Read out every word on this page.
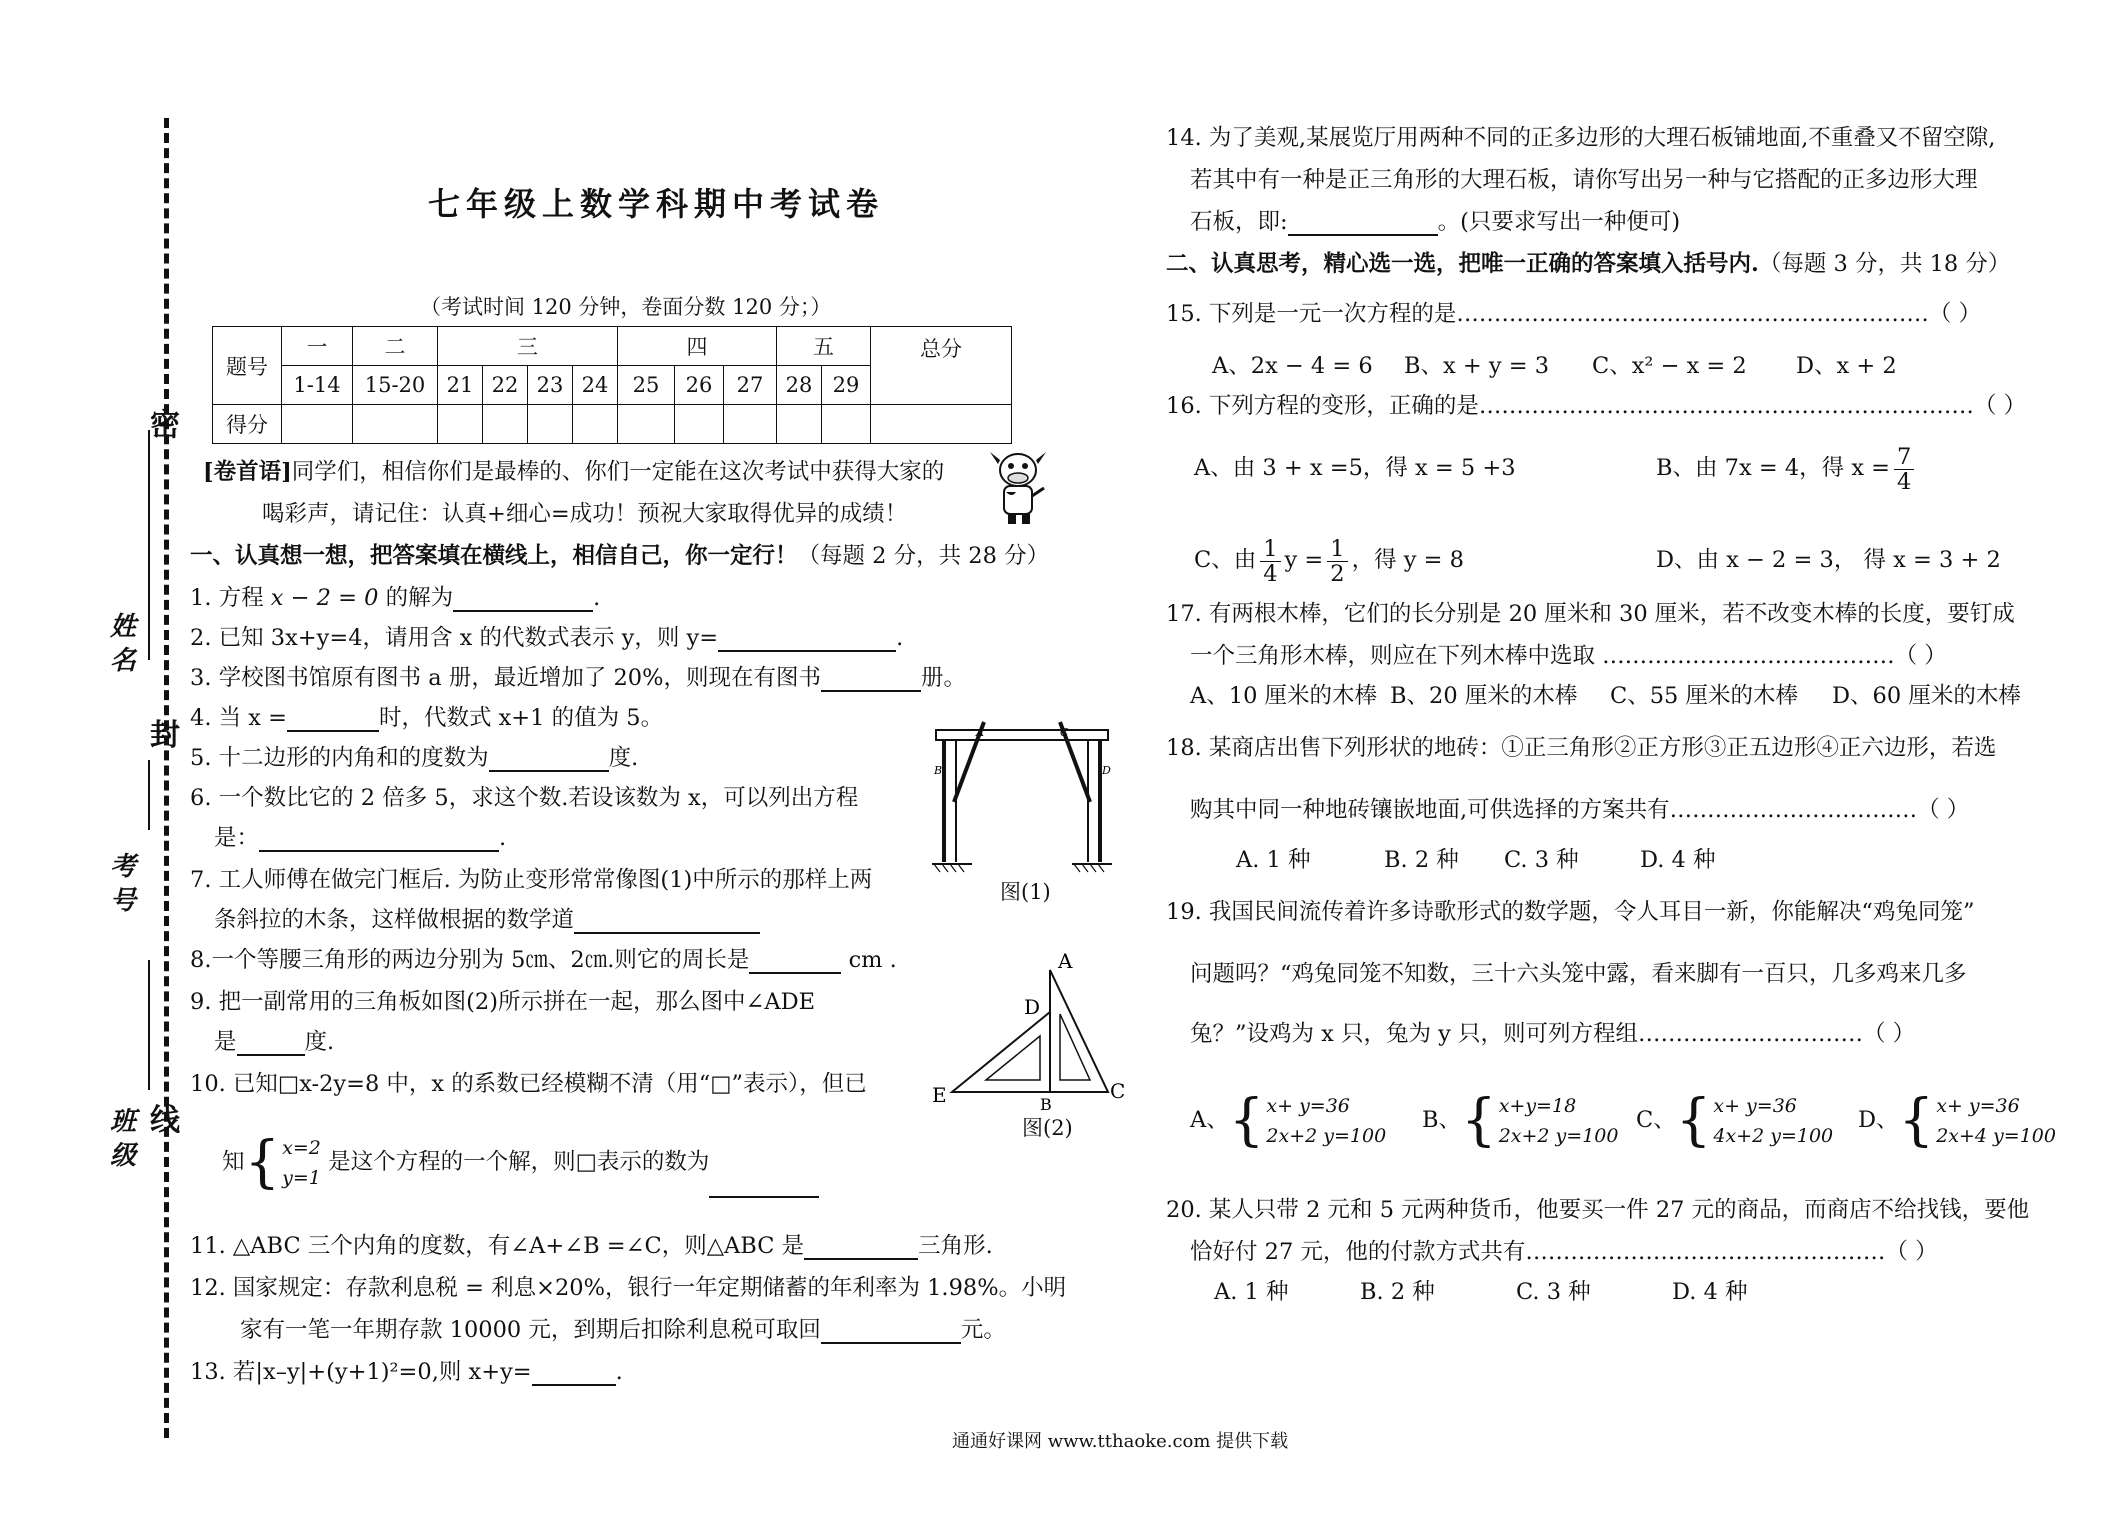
密
封
线
姓名
考号
班级
七年级上数学科期中考试卷
（考试时间 120 分钟，卷面分数 120 分；）
题号	一	二	三				四			五		总分
	1-14	15-20	21	22	23	24	25	26	27	28	29	
得分												
[卷首语]同学们，相信你们是最棒的、你们一定能在这次考试中获得大家的
喝彩声，请记住：认真+细心=成功！预祝大家取得优异的成绩！
一、认真想一想，把答案填在横线上，相信自己，你一定行！（每题 2 分，共 28 分）
1. 方程 x − 2 = 0 的解为	.
2. 已知 3x+y=4，请用含 x 的代数式表示 y，则 y=	.
3. 学校图书馆原有图书 a 册，最近增加了 20%，则现在有图书	册。
4. 当 x =	时，代数式 x+1 的值为 5。
5. 十二边形的内角和的度数为	度.
6. 一个数比它的 2 倍多 5，求这个数.若设该数为 x，可以列出方程
是：	.
7. 工人师傅在做完门框后. 为防止变形常常像图(1)中所示的那样上两
条斜拉的木条，这样做根据的数学道
8.一个等腰三角形的两边分别为 5㎝、2㎝.则它的周长是	cm .
9. 把一副常用的三角板如图(2)所示拼在一起，那么图中∠ADE
是	度.
10. 已知□x-2y=8 中，x 的系数已经模糊不清（用“□”表示），但已
知{ x=2
y=1 是这个方程的一个解，则□表示的数为
11. △ABC 三个内角的度数，有∠A+∠B =∠C，则△ABC 是	三角形.
12. 国家规定：存款利息税 = 利息×20%，银行一年定期储蓄的年利率为 1.98%。小明
家有一笔一年期存款 10000 元，到期后扣除利息税可取回	元。
13. 若|x–y|+(y+1)²=0,则 x+y=	.
A	C
B	D
图(1)
A
D
E	B
C
图(2)
14. 为了美观,某展览厅用两种不同的正多边形的大理石板铺地面,不重叠又不留空隙,
若其中有一种是正三角形的大理石板，请你写出另一种与它搭配的正多边形大理
石板，即:	。(只要求写出一种便可)
二、认真思考，精心选一选，把唯一正确的答案填入括号内.（每题 3 分，共 18 分）
15. 下列是一元一次方程的是………………………………………………………（ ）
A、2x − 4 = 6 B、x + y = 3 C、x² − x = 2 D、x + 2
16. 下列方程的变形，正确的是…………………………………………………………（ ）
A、由 3 + x =5，得 x = 5 +3	B、由 7x = 4，得 $x = \frac{7}{4}$
C、由 $\frac{1}{4}$ $y = \frac{1}{2}$ ，得 y = 8	D、由 x − 2 = 3， 得 x = 3 + 2
17. 有两根木棒，它们的长分别是 20 厘米和 30 厘米，若不改变木棒的长度，要钉成
一个三角形木棒，则应在下列木棒中选取 …………………………………（ ）
A、10 厘米的木棒 B、20 厘米的木棒 C、55 厘米的木棒 D、60 厘米的木棒
18. 某商店出售下列形状的地砖：①正三角形②正方形③正五边形④正六边形，若选
购其中同一种地砖镶嵌地面,可供选择的方案共有……………………………（ ）
A. 1 种	B. 2 种 C. 3 种	D. 4 种
19. 我国民间流传着许多诗歌形式的数学题，令人耳目一新，你能解决“鸡兔同笼”
问题吗？“鸡兔同笼不知数，三十六头笼中露，看来脚有一百只，几多鸡来几多
兔？”设鸡为 x 只，兔为 y 只，则可列方程组…………………………（ ）
A、{ x+ y=36
2x+2 y=100
B、{ x+y=18
2x+2 y=100
C、{ x+ y=36
4x+2 y=100
D、{ x+ y=36
2x+4 y=100
20. 某人只带 2 元和 5 元两种货币，他要买一件 27 元的商品，而商店不给找钱，要他
恰好付 27 元，他的付款方式共有…………………………………………（ ）
A. 1 种	B. 2 种	C. 3 种	D. 4 种
通通好课网 www.tthaoke.com 提供下载
